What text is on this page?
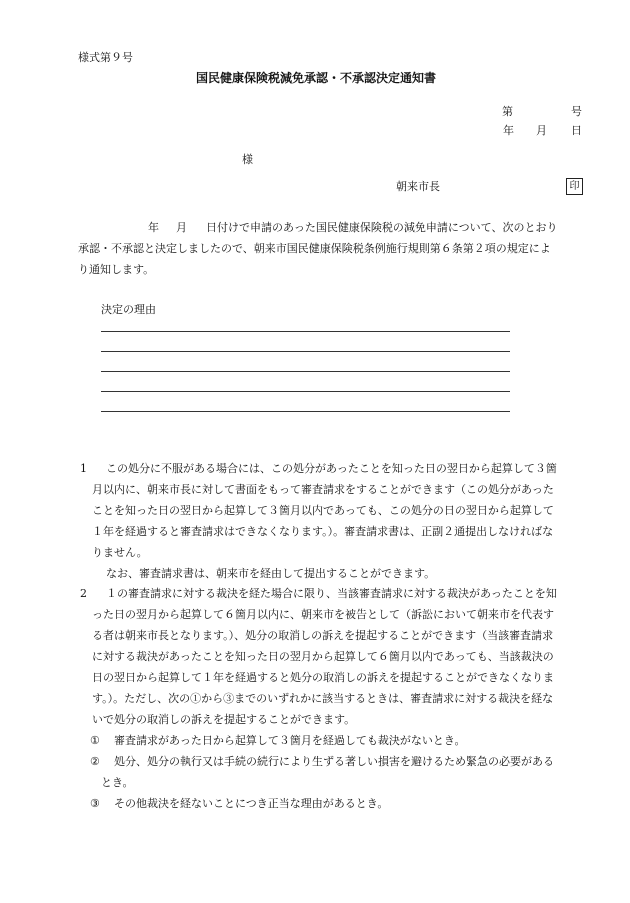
様式第９号
国民健康保険税減免承認・不承認決定通知書
第	号
年 月 日
様
朝来市長	印
年 月 日付けで申請のあった国民健康保険税の減免申請について、次のとおり
承認・不承認と決定しましたので、朝来市国民健康保険税条例施行規則第６条第２項の規定によ
り通知します。
決定の理由
1	この処分に不服がある場合には、この処分があったことを知った日の翌日から起算して３箇
月以内に、朝来市長に対して書面をもって審査請求をすることができます（この処分があった
ことを知った日の翌日から起算して３箇月以内であっても、この処分の日の翌日から起算して
１年を経過すると審査請求はできなくなります。）。審査請求書は、正副２通提出しなければな
りません。
なお、審査請求書は、朝来市を経由して提出することができます。
2	１の審査請求に対する裁決を経た場合に限り、当該審査請求に対する裁決があったことを知
った日の翌月から起算して６箇月以内に、朝来市を被告として（訴訟において朝来市を代表す
る者は朝来市長となります。）、処分の取消しの訴えを提起することができます（当該審査請求
に対する裁決があったことを知った日の翌月から起算して６箇月以内であっても、当該裁決の
日の翌日から起算して１年を経過すると処分の取消しの訴えを提起することができなくなりま
す。）。ただし、次の①から③までのいずれかに該当するときは、審査請求に対する裁決を経な
いで処分の取消しの訴えを提起することができます。
① 審査請求があった日から起算して３箇月を経過しても裁決がないとき。
② 処分、処分の執行又は手続の続行により生ずる著しい損害を避けるため緊急の必要がある
とき。
③ その他裁決を経ないことにつき正当な理由があるとき。
